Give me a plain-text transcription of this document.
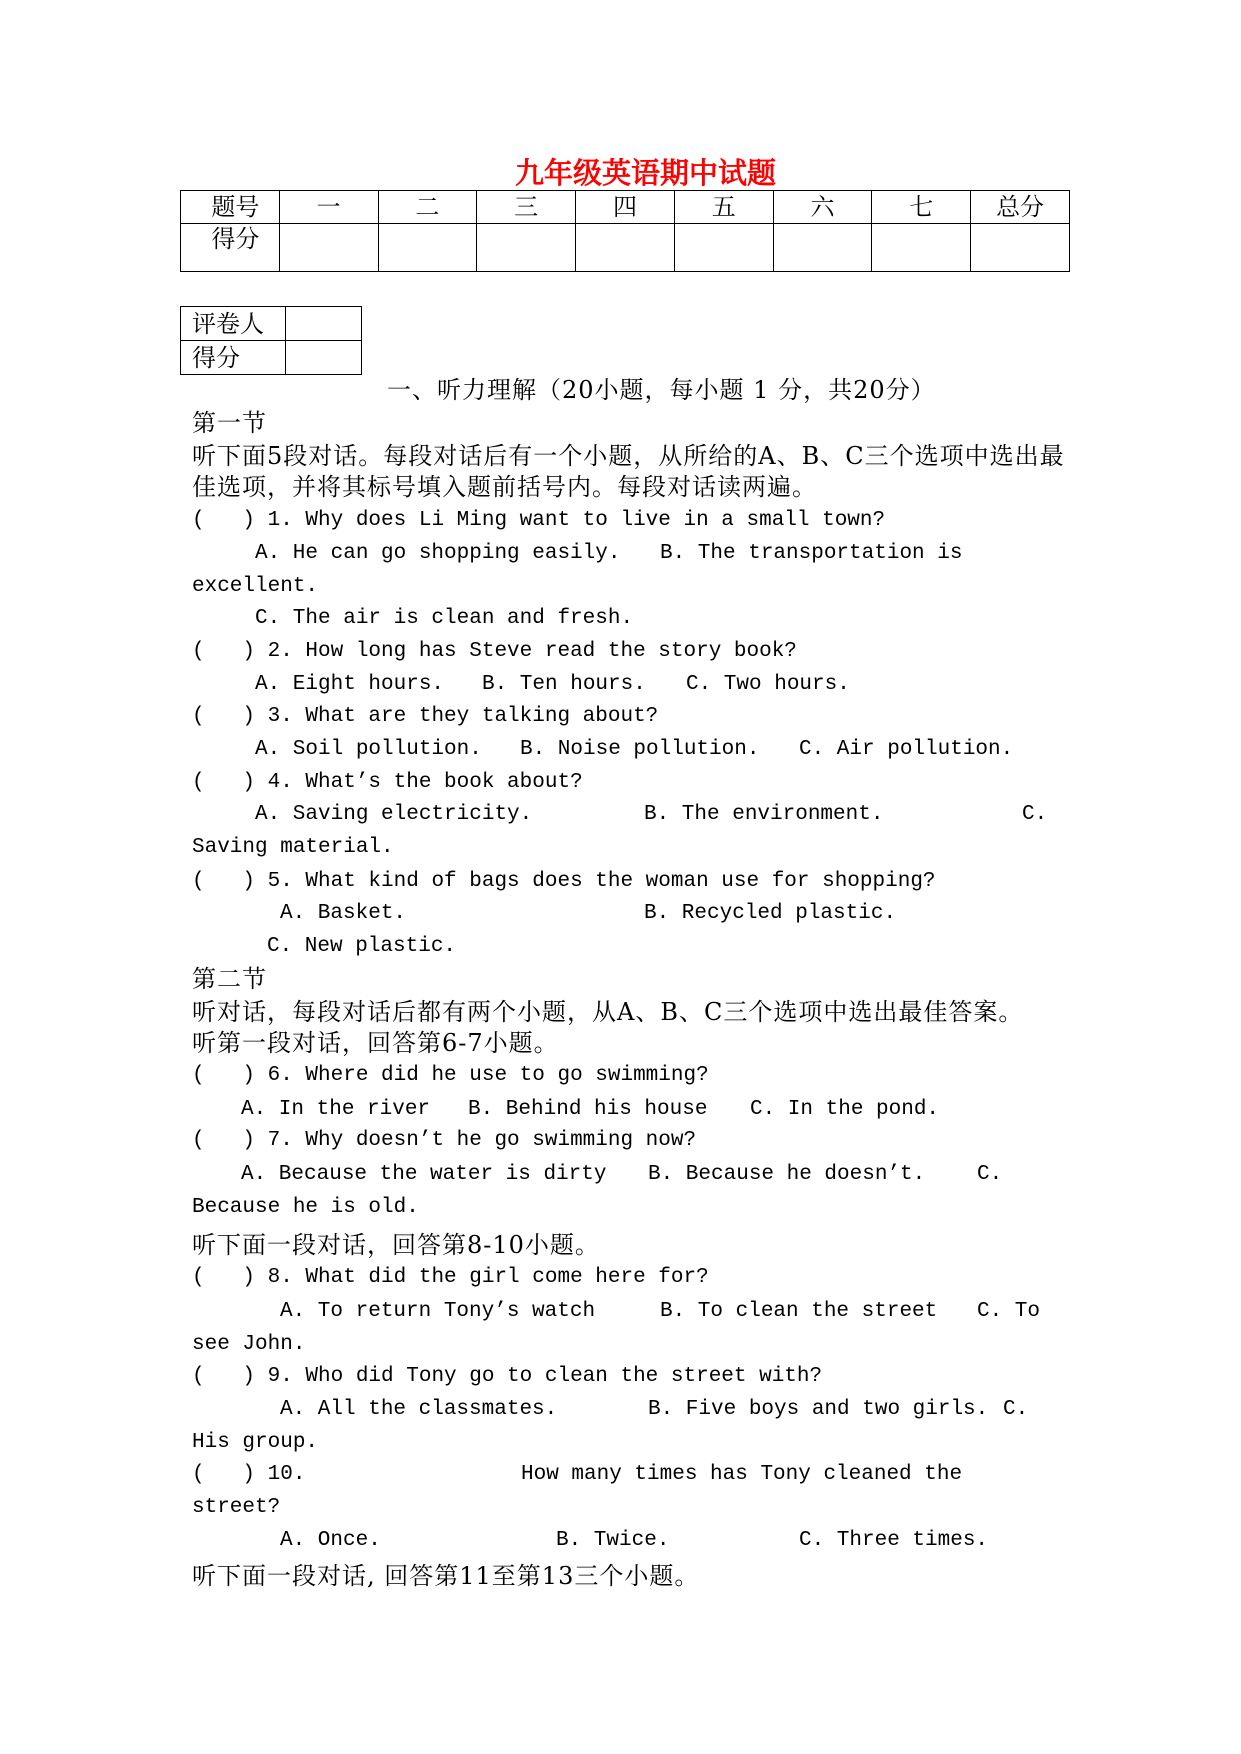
九年级英语期中试题
题号	一	二	三	四	五	六	七	总分
得分								
评卷人	
得分	
一、听力理解（20小题，每小题 1 分，共20分）
第一节
听下面5段对话。每段对话后有一个小题，从所给的A、B、C三个选项中选出最
佳选项，并将其标号填入题前括号内。每段对话读两遍。
( ) 1. Why does Li Ming want to live in a small town?
A. He can go shopping easily. B. The transportation is
excellent.
C. The air is clean and fresh.
( ) 2. How long has Steve read the story book?
A. Eight hours. B. Ten hours. C. Two hours.
( ) 3. What are they talking about?
A. Soil pollution. B. Noise pollution. C. Air pollution.
( ) 4. What’s the book about?
A. Saving electricity.	B. The environment.	C.
Saving material.
( ) 5. What kind of bags does the woman use for shopping?
A. Basket.	B. Recycled plastic.
C. New plastic.
第二节
听对话，每段对话后都有两个小题，从A、B、C三个选项中选出最佳答案。
听第一段对话，回答第6-7小题。
( ) 6. Where did he use to go swimming?
A. In the river B. Behind his house C. In the pond.
( ) 7. Why doesn’t he go swimming now?
A. Because the water is dirty B. Because he doesn’t. C.
Because he is old.
听下面一段对话，回答第8-10小题。
( ) 8. What did the girl come here for?
A. To return Tony’s watch	B. To clean the street C. To
see John.
( ) 9. Who did Tony go to clean the street with?
A. All the classmates.	B. Five boys and two girls. C.
His group.
( ) 10.	How many times has Tony cleaned the
street?
A. Once.	B. Twice.	C. Three times.
听下面一段对话, 回答第11至第13三个小题。
